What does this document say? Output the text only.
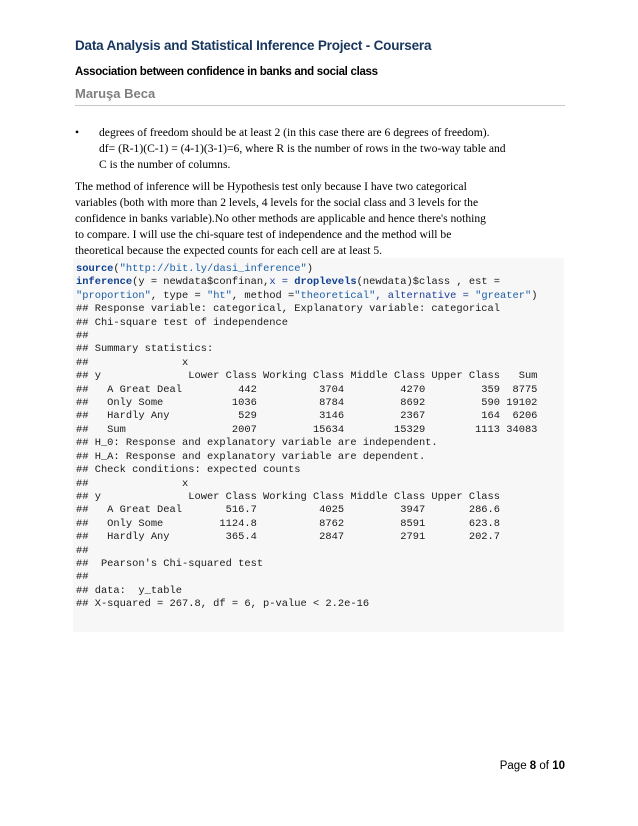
Data Analysis and Statistical Inference Project - Coursera
Association between confidence in banks and social class
Maruşa Beca
• degrees of freedom should be at least 2 (in this case there are 6 degrees of freedom).
df= (R-1)(C-1) = (4-1)(3-1)=6, where R is the number of rows in the two-way table and
C is the number of columns.
The method of inference will be Hypothesis test only because I have two categorical
variables (both with more than 2 levels, 4 levels for the social class and 3 levels for the
confidence in banks variable).No other methods are applicable and hence there's nothing
to compare. I will use the chi-square test of independence and the method will be
theoretical because the expected counts for each cell are at least 5.
source("http://bit.ly/dasi_inference")
inference(y = newdata$confinan,x = droplevels(newdata)$class , est =
"proportion", type = "ht", method ="theoretical", alternative = "greater")
## Response variable: categorical, Explanatory variable: categorical
## Chi-square test of independence
##
## Summary statistics:
##               x
## y              Lower Class Working Class Middle Class Upper Class   Sum
##   A Great Deal         442          3704         4270         359  8775
##   Only Some           1036          8784         8692         590 19102
##   Hardly Any           529          3146         2367         164  6206
##   Sum                 2007         15634        15329        1113 34083
## H_0: Response and explanatory variable are independent.
## H_A: Response and explanatory variable are dependent.
## Check conditions: expected counts
##               x
## y              Lower Class Working Class Middle Class Upper Class
##   A Great Deal       516.7          4025         3947       286.6
##   Only Some         1124.8          8762         8591       623.8
##   Hardly Any         365.4          2847         2791       202.7
##
##  Pearson's Chi-squared test
##
## data:  y_table
## X-squared = 267.8, df = 6, p-value < 2.2e-16
Page 8 of 10
